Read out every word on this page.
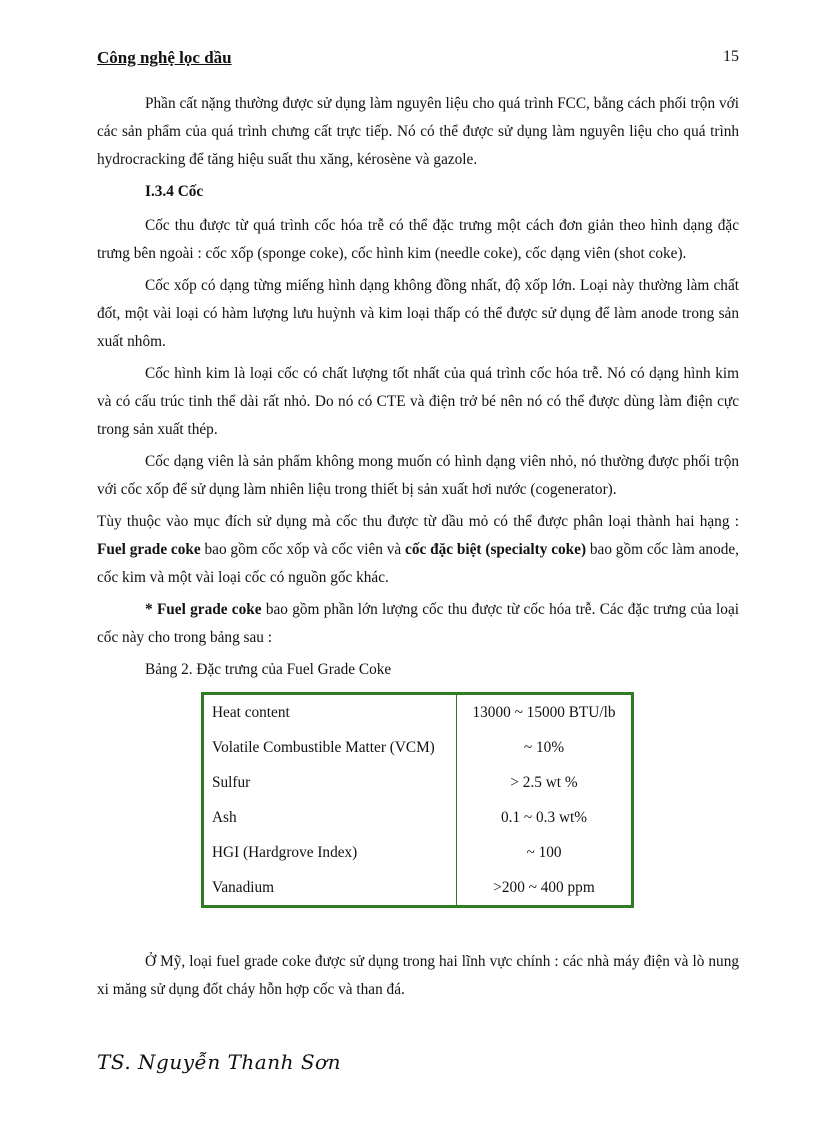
Công nghệ lọc dầu	15

Phần cất nặng thường được sử dụng làm nguyên liệu cho quá trình FCC, bằng cách phối trộn với các sản phẩm của quá trình chưng cất trực tiếp. Nó có thể được sử dụng làm nguyên liệu cho quá trình hydrocracking để tăng hiệu suất thu xăng, kérosène và gazole.

I.3.4 Cốc

Cốc thu được từ quá trình cốc hóa trễ có thể đặc trưng một cách đơn giản theo hình dạng đặc trưng bên ngoài : cốc xốp (sponge coke), cốc hình kim (needle coke), cốc dạng viên (shot coke).

Cốc xốp có dạng từng miếng hình dạng không đồng nhất, độ xốp lớn. Loại này thường làm chất đốt, một vài loại có hàm lượng lưu huỳnh và kim loại thấp có thể được sử dụng để làm anode trong sản xuất nhôm.

Cốc hình kim là loại cốc có chất lượng tốt nhất của quá trình cốc hóa trễ. Nó có dạng hình kim và có cấu trúc tinh thể dài rất nhỏ. Do nó có CTE và điện trở bé nên nó có thể được dùng làm điện cực trong sản xuất thép.

Cốc dạng viên là sản phẩm không mong muốn có hình dạng viên nhỏ, nó thường được phối trộn với cốc xốp để sử dụng làm nhiên liệu trong thiết bị sản xuất hơi nước (cogenerator).

Tùy thuộc vào mục đích sử dụng mà cốc thu được từ dầu mỏ có thể được phân loại thành hai hạng : Fuel grade coke bao gồm cốc xốp và cốc viên và cốc đặc biệt (specialty coke) bao gồm cốc làm anode, cốc kim và một vài loại cốc có nguồn gốc khác.

* Fuel grade coke bao gồm phần lớn lượng cốc thu được từ cốc hóa trễ. Các đặc trưng của loại cốc này cho trong bảng sau :

Bảng 2. Đặc trưng của Fuel Grade Coke

Heat content	13000 ~ 15000 BTU/lb
Volatile Combustible Matter (VCM)	~ 10%
Sulfur	> 2.5 wt %
Ash	0.1 ~ 0.3 wt%
HGI (Hardgrove Index)	~ 100
Vanadium	>200 ~ 400 ppm

Ở Mỹ, loại fuel grade coke được sử dụng trong hai lĩnh vực chính : các nhà máy điện và lò nung xi măng sử dụng đốt cháy hỗn hợp cốc và than đá.

TS. Nguyễn Thanh Sơn
